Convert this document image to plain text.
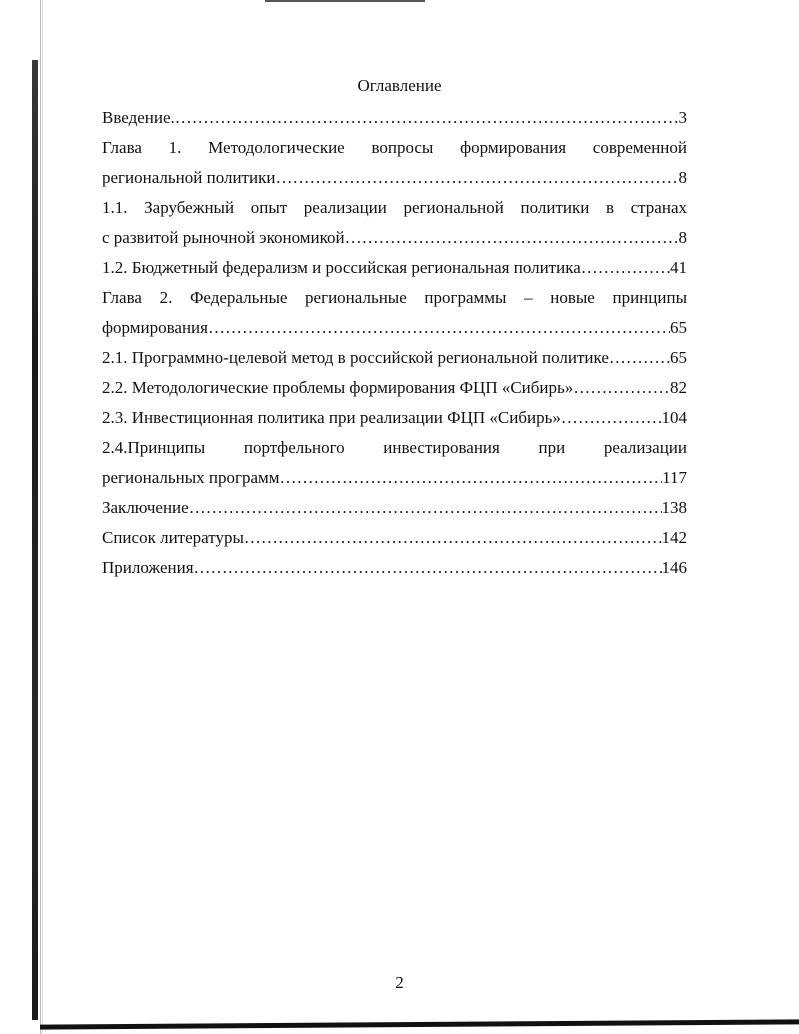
Оглавление
Введение. …………………………………………………………………………………………………………………………………………………………	3
Глава 1. Методологические вопросы формирования современной
региональной политики …………………………………………………………………………………………………………………………………………………………	8
1.1. Зарубежный опыт реализации региональной политики в странах
с развитой рыночной экономикой …………………………………………………………………………………………………………………………………………………………	8
1.2. Бюджетный федерализм и российская региональная политика …………………………………………………………………………………………………………………………………………………………	41
Глава 2. Федеральные региональные программы – новые принципы
формирования …………………………………………………………………………………………………………………………………………………………	65
2.1. Программно-целевой метод в российской региональной политике …………………………………………………………………………………………………………………………………………………………	65
2.2. Методологические проблемы формирования ФЦП «Сибирь» …………………………………………………………………………………………………………………………………………………………	82
2.3. Инвестиционная политика при реализации ФЦП «Сибирь» …………………………………………………………………………………………………………………………………………………………	104
2.4.Принципы портфельного инвестирования при реализации
региональных программ …………………………………………………………………………………………………………………………………………………………	117
Заключение …………………………………………………………………………………………………………………………………………………………	138
Список литературы …………………………………………………………………………………………………………………………………………………………	142
Приложения …………………………………………………………………………………………………………………………………………………………	146
2
